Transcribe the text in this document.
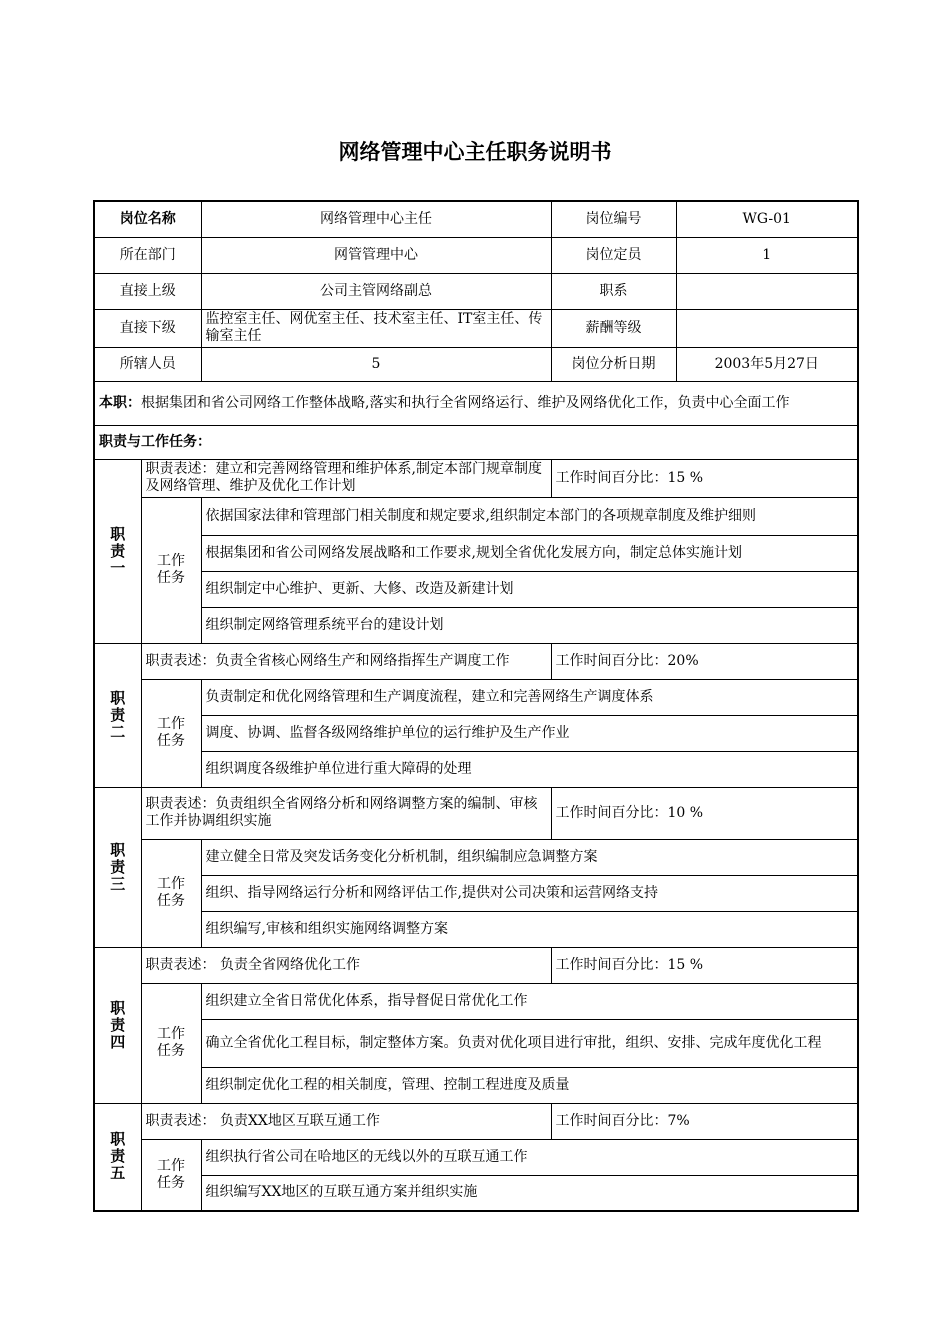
网络管理中心主任职务说明书
岗位名称		网络管理中心主任	岗位编号	WG-01
所在部门		网管管理中心	岗位定员	1
直接上级		公司主管网络副总	职系	
直接下级		监控室主任、网优室主任、技术室主任、IT室主任、传输室主任	薪酬等级	
所辖人员		5	岗位分析日期	2003年5月27日
本职：根据集团和省公司网络工作整体战略,落实和执行全省网络运行、维护及网络优化工作，负责中心全面工作				
职责与工作任务：				
职责一	职责表述：建立和完善网络管理和维护体系,制定本部门规章制度及网络管理、维护及优化工作计划		工作时间百分比：15 %	
	工作任务	依据国家法律和管理部门相关制度和规定要求,组织制定本部门的各项规章制度及维护细则		
		根据集团和省公司网络发展战略和工作要求,规划全省优化发展方向，制定总体实施计划		
		组织制定中心维护、更新、大修、改造及新建计划		
		组织制定网络管理系统平台的建设计划		
职责二	职责表述：负责全省核心网络生产和网络指挥生产调度工作		工作时间百分比：20%	
	工作任务	负责制定和优化网络管理和生产调度流程，建立和完善网络生产调度体系		
		调度、协调、监督各级网络维护单位的运行维护及生产作业		
		组织调度各级维护单位进行重大障碍的处理		
职责三	职责表述：负责组织全省网络分析和网络调整方案的编制、审核工作并协调组织实施		工作时间百分比：10 %	
	工作任务	建立健全日常及突发话务变化分析机制，组织编制应急调整方案		
		组织、指导网络运行分析和网络评估工作,提供对公司决策和运营网络支持		
		组织编写,审核和组织实施网络调整方案		
职责四	职责表述： 负责全省网络优化工作		工作时间百分比：15 %	
	工作任务	组织建立全省日常优化体系，指导督促日常优化工作		
		确立全省优化工程目标，制定整体方案。负责对优化项目进行审批，组织、安排、完成年度优化工程		
		组织制定优化工程的相关制度，管理、控制工程进度及质量		
职责五	职责表述： 负责XX地区互联互通工作		工作时间百分比：7%	
	工作任务	组织执行省公司在哈地区的无线以外的互联互通工作		
		组织编写XX地区的互联互通方案并组织实施		
